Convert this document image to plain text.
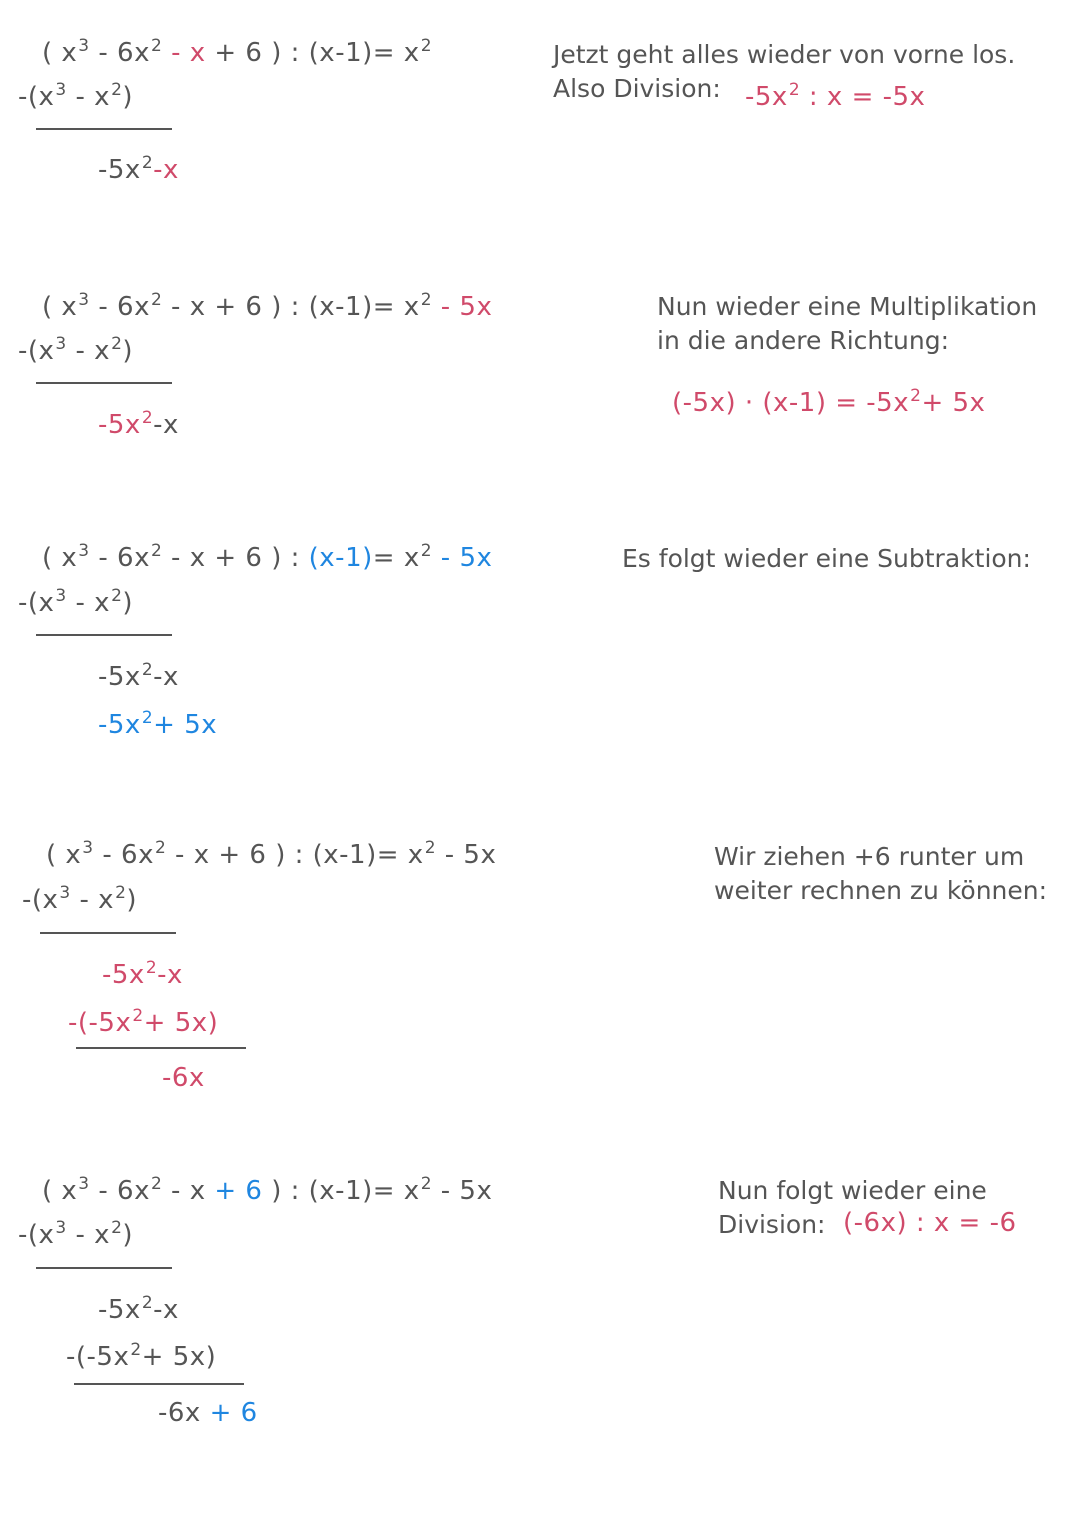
( $x^3 - 6x^2 - x + 6$ ) : $(x-1)= x^2$
$-(x^3 - x^2)$
$-5x^2-x$
Jetzt geht alles wieder von vorne los.
Also Division: $-5x^2$ : x = -5x
( $x^3 - 6x^2 - x + 6$ ) : $(x-1)= x^2 - 5x$
$-(x^3 - x^2)$
$-5x^2-x$
Nun wieder eine Multiplikation
in die andere Richtung:
$(-5x) \cdot (x-1) = -5x^2+ 5x$
( $x^3 - 6x^2 - x + 6$ ) : $(x-1)= x^2 - 5x$
$-(x^3 - x^2)$
$-5x^2-x$
$-5x^2+ 5x$
Es folgt wieder eine Subtraktion:
( $x^3 - 6x^2 - x + 6$ ) : $(x-1)= x^2 - 5x$
$-(x^3 - x^2)$
$-5x^2-x$
$-(-5x^2+ 5x)$
-6x
Wir ziehen +6 runter um
weiter rechnen zu können:
( $x^3 - 6x^2 - x + 6$ ) : $(x-1)= x^2 - 5x$
$-(x^3 - x^2)$
$-5x^2-x$
$-(-5x^2+ 5x)$
-6x + 6
Nun folgt wieder eine
Division: (-6x) : x = -6
